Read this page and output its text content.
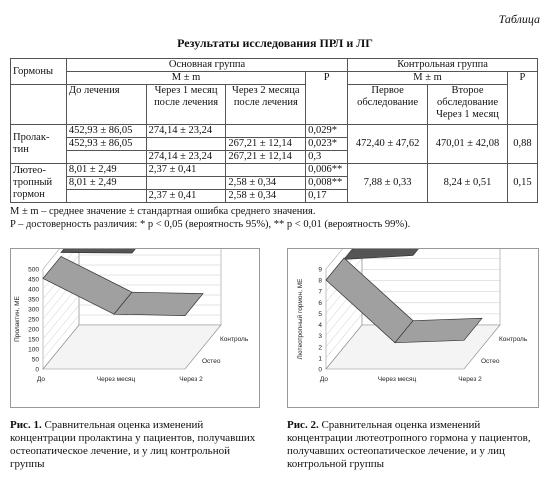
Таблица
Результаты исследования ПРЛ и ЛГ
Гормоны	Основная группа				Контрольная группа		
	M ± m			P	M ± m		P
	До лечения	Через 1 месяц после лечения	Через 2 месяца после лечения		Первое обследование	Второе обследование Через 1 месяц	
Пролак-тин	452,93 ± 86,05	274,14 ± 23,24		0,029*	472,40 ± 47,62	470,01 ± 42,08	0,88
	452,93 ± 86,05		267,21 ± 12,14	0,023*			
		274,14 ± 23,24	267,21 ± 12,14	0,3			
Лютео-тропный гормон	8,01 ± 2,49	2,37 ± 0,41		0,006**	7,88 ± 0,33	8,24 ± 0,51	0,15
	8,01 ± 2,49		2,58 ± 0,34	0,008**			
		2,37 ± 0,41	2,58 ± 0,34	0,17			
M ± m – среднее значение ± стандартная ошибка среднего значения.
P – достоверность различия: * p < 0,05 (вероятность 95%), ** p < 0,01 (вероятность 99%).
0
50
100
150
200
250
300
350
400
450
500
До	Через месяц	Через 2
Остео
Контроль
Пролактин, МЕ
0
1
2
3
4
5
6
7
8
9
До	Через месяц	Через 2
Остео
Контроль
Лютеотропный гормон, МЕ
Рис. 1. Сравнительная оценка изменений концентрации пролактина у пациентов, получавших остеопатическое лечение, и у лиц контрольной группы
Рис. 2. Сравнительная оценка изменений концентрации лютеотропного гормона у пациентов, получавших остеопатическое лечение, и у лиц контрольной группы
